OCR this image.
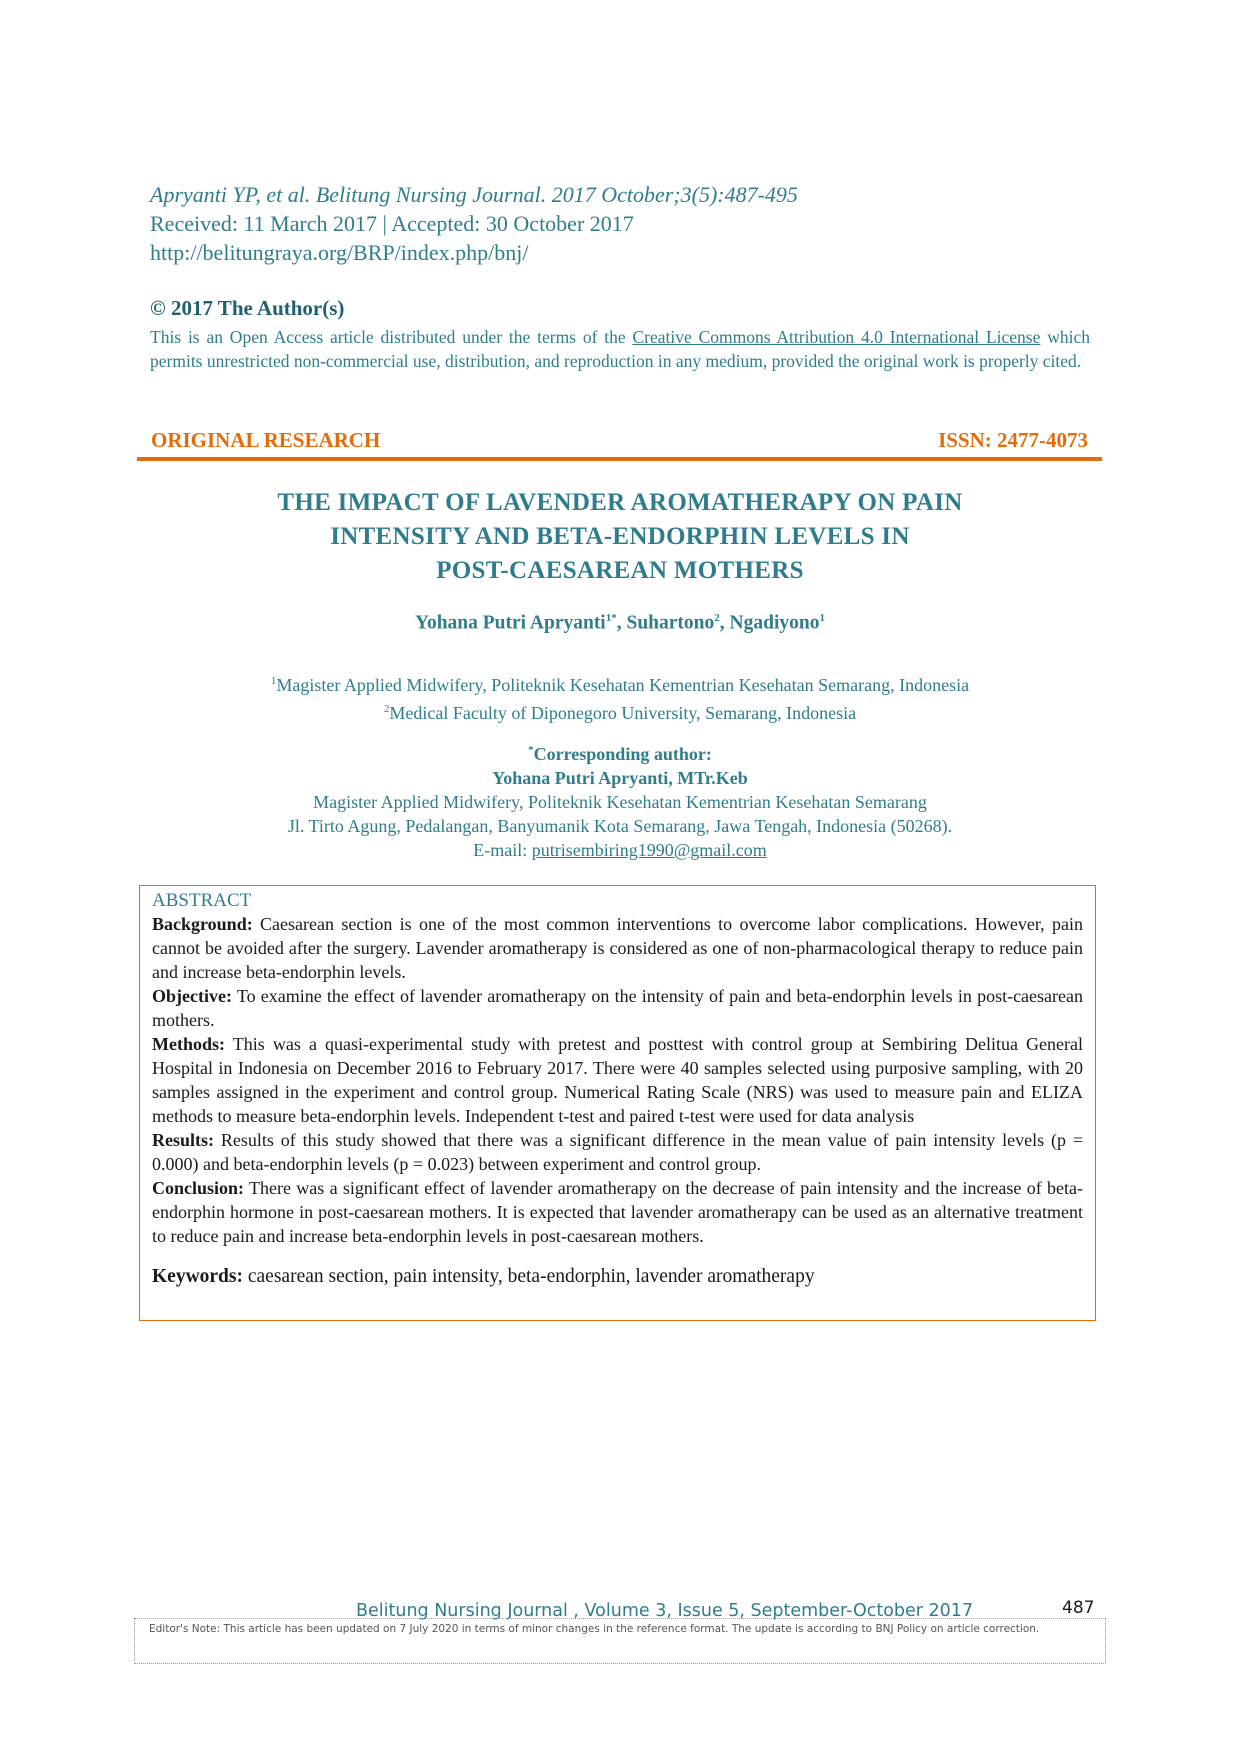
Apryanti YP, et al. Belitung Nursing Journal. 2017 October;3(5):487-495
Received: 11 March 2017 | Accepted: 30 October 2017
http://belitungraya.org/BRP/index.php/bnj/
© 2017 The Author(s)
This is an Open Access article distributed under the terms of the Creative Commons Attribution 4.0 International License which permits unrestricted non-commercial use, distribution, and reproduction in any medium, provided the original work is properly cited.
ORIGINAL RESEARCH	ISSN: 2477-4073
THE IMPACT OF LAVENDER AROMATHERAPY ON PAIN
INTENSITY AND BETA-ENDORPHIN LEVELS IN
POST-CAESAREAN MOTHERS
Yohana Putri Apryanti$^{1*}$, Suhartono$^2$, Ngadiyono$^1$
$^1$Magister Applied Midwifery, Politeknik Kesehatan Kementrian Kesehatan Semarang, Indonesia
$^2$Medical Faculty of Diponegoro University, Semarang, Indonesia
*Corresponding author:
Yohana Putri Apryanti, MTr.Keb
Magister Applied Midwifery, Politeknik Kesehatan Kementrian Kesehatan Semarang
Jl. Tirto Agung, Pedalangan, Banyumanik Kota Semarang, Jawa Tengah, Indonesia (50268).
E-mail: putrisembiring1990@gmail.com
ABSTRACT
Background: Caesarean section is one of the most common interventions to overcome labor complications. However, pain cannot be avoided after the surgery. Lavender aromatherapy is considered as one of non-pharmacological therapy to reduce pain and increase beta-endorphin levels.
Objective: To examine the effect of lavender aromatherapy on the intensity of pain and beta-endorphin levels in post-caesarean mothers.
Methods: This was a quasi-experimental study with pretest and posttest with control group at Sembiring Delitua General Hospital in Indonesia on December 2016 to February 2017. There were 40 samples selected using purposive sampling, with 20 samples assigned in the experiment and control group. Numerical Rating Scale (NRS) was used to measure pain and ELIZA methods to measure beta-endorphin levels. Independent t-test and paired t-test were used for data analysis
Results: Results of this study showed that there was a significant difference in the mean value of pain intensity levels (p = 0.000) and beta-endorphin levels (p = 0.023) between experiment and control group.
Conclusion: There was a significant effect of lavender aromatherapy on the decrease of pain intensity and the increase of beta-endorphin hormone in post-caesarean mothers. It is expected that lavender aromatherapy can be used as an alternative treatment to reduce pain and increase beta-endorphin levels in post-caesarean mothers.
Keywords: caesarean section, pain intensity, beta-endorphin, lavender aromatherapy
Belitung Nursing Journal , Volume 3, Issue 5, September-October 2017	487
Editor's Note: This article has been updated on 7 July 2020 in terms of minor changes in the reference format. The update is according to BNJ Policy on article correction.
